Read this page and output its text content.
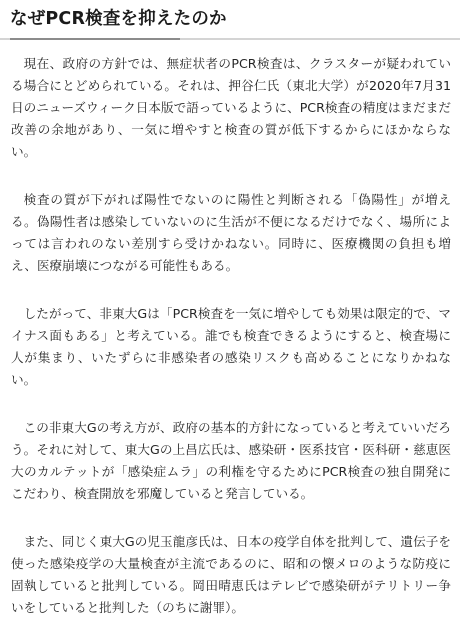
なぜPCR検査を抑えたのか

現在、政府の方針では、無症状者のPCR検査は、クラスターが疑われている場合にとどめられている。それは、押谷仁氏（東北大学）が2020年7月31日のニューズウィーク日本版で語っているように、PCR検査の精度はまだまだ改善の余地があり、一気に増やすと検査の質が低下するからにほかならない。

検査の質が下がれば陽性でないのに陽性と判断される「偽陽性」が増える。偽陽性者は感染していないのに生活が不便になるだけでなく、場所によっては言われのない差別すら受けかねない。同時に、医療機関の負担も増え、医療崩壊につながる可能性もある。

したがって、非東大Gは「PCR検査を一気に増やしても効果は限定的で、マイナス面もある」と考えている。誰でも検査できるようにすると、検査場に人が集まり、いたずらに非感染者の感染リスクも高めることになりかねない。

この非東大Gの考え方が、政府の基本的方針になっていると考えていいだろう。それに対して、東大Gの上昌広氏は、感染研・医系技官・医科研・慈恵医大のカルテットが「感染症ムラ」の利権を守るためにPCR検査の独自開発にこだわり、検査開放を邪魔していると発言している。

また、同じく東大Gの児玉龍彦氏は、日本の疫学自体を批判して、遺伝子を使った感染疫学の大量検査が主流であるのに、昭和の懐メロのような防疫に固執していると批判している。岡田晴恵氏はテレビで感染研がテリトリー争いをしていると批判した（のちに謝罪）。
